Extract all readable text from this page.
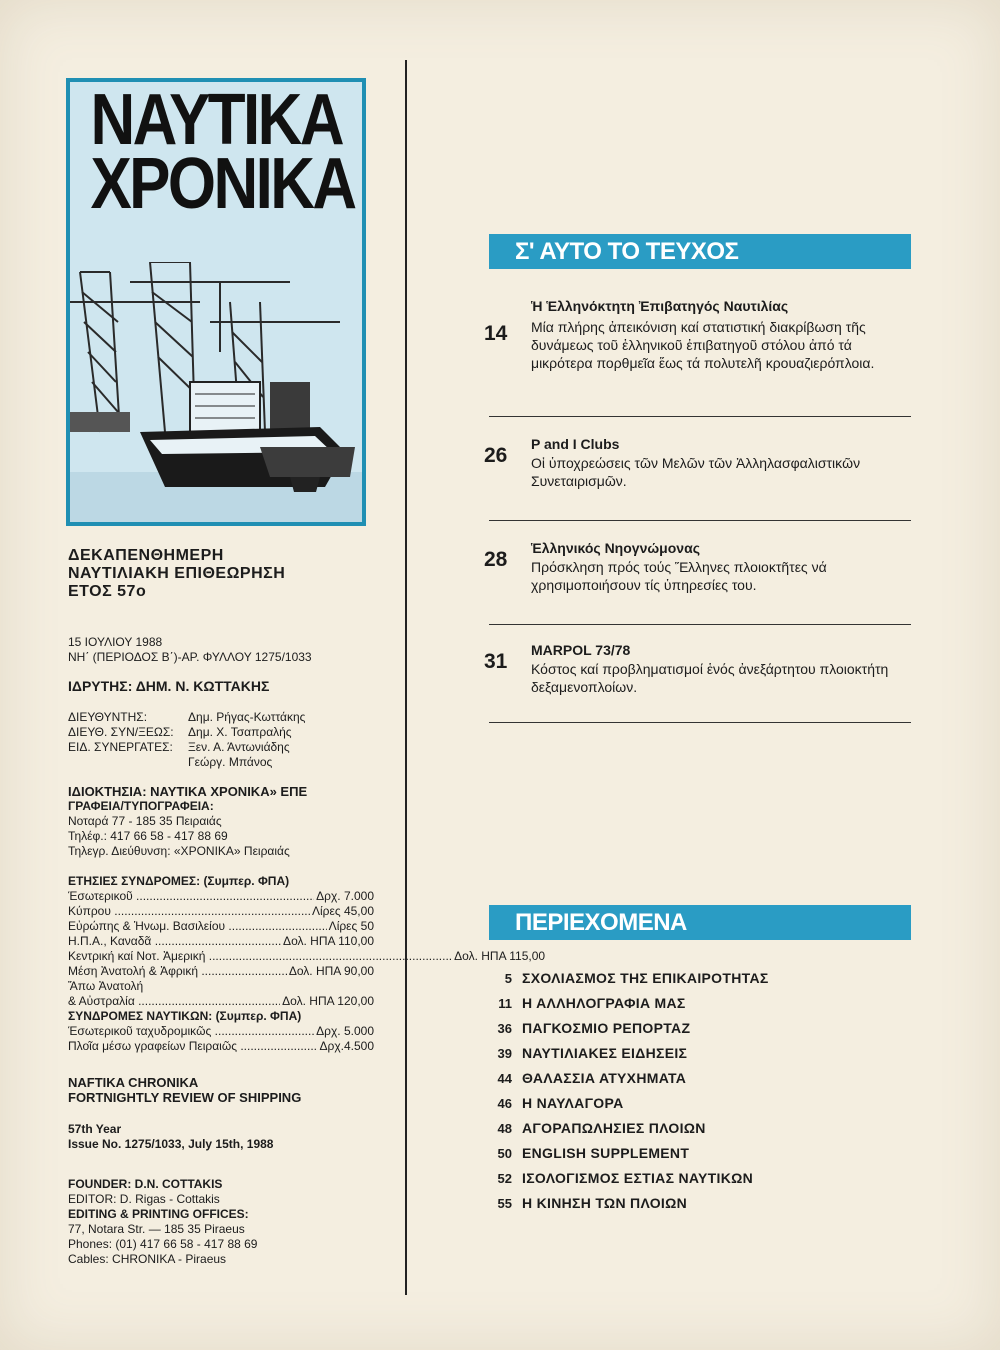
ΝΑΥΤΙΚΑ
ΧΡΟΝΙΚΑ
ΔΕΚΑΠΕΝΘΗΜΕΡΗ
ΝΑΥΤΙΛΙΑΚΗ ΕΠΙΘΕΩΡΗΣΗ
ΕΤΟΣ 57ο
15 ΙΟΥΛΙΟΥ 1988
ΝΗ΄ (ΠΕΡΙΟΔΟΣ Β΄)-ΑΡ. ΦΥΛΛΟΥ 1275/1033
ΙΔΡΥΤΗΣ: ΔΗΜ. Ν. ΚΩΤΤΑΚΗΣ
ΔΙΕΥΘΥΝΤΗΣ:	Δημ. Ρήγας-Κωττάκης
ΔΙΕΥΘ. ΣΥΝ/ΞΕΩΣ:	Δημ. Χ. Τσαπραλής
ΕΙΔ. ΣΥΝΕΡΓΑΤΕΣ:	Ξεν. Α. Άντωνιάδης
Γεώργ. Μπάνος
ΙΔΙΟΚΤΗΣΙΑ: ΝΑΥΤΙΚΑ ΧΡΟΝΙΚΑ» ΕΠΕ
ΓΡΑΦΕΙΑ/ΤΥΠΟΓΡΑΦΕΙΑ:
Νοταρά 77 - 185 35 Πειραιάς
Τηλέφ.: 417 66 58 - 417 88 69
Τηλεγρ. Διεύθυνση: «ΧΡΟΝΙΚΑ» Πειραιάς
ΕΤΗΣΙΕΣ ΣΥΝΔΡΟΜΕΣ: (Συμπερ. ΦΠΑ)
Έσωτερικοῦ .....	Δρχ. 7.000
Κύπρου .....	Λίρες 45,00
Εὐρώπης & Ἡνωμ. Βασιλείου .....	Λίρες 50
Η.Π.Α., Καναδᾶ .....	Δολ. ΗΠΑ 110,00
Κεντρική καί Νοτ. Ἀμερική .....	Δολ. ΗΠΑ 115,00
Μέση Ἀνατολή & Ἀφρική .....	Δολ. ΗΠΑ 90,00
Ἄπω Ἀνατολή
& Αὐστραλία .....	Δολ. ΗΠΑ 120,00
ΣΥΝΔΡΟΜΕΣ ΝΑΥΤΙΚΩΝ: (Συμπερ. ΦΠΑ)
Έσωτερικοῦ ταχυδρομικῶς .....	Δρχ. 5.000
Πλοῖα μέσω γραφείων Πειραιῶς .....	Δρχ.4.500
NAFTIKA CHRONIKA
FORTNIGHTLY REVIEW OF SHIPPING
57th Year
Issue No. 1275/1033, July 15th, 1988
FOUNDER: D.N. COTTAKIS
EDITOR: D. Rigas - Cottakis
EDITING & PRINTING OFFICES:
77, Notara Str. — 185 35 Piraeus
Phones: (01) 417 66 58 - 417 88 69
Cables: CHRONIKA - Piraeus
Σ' ΑΥΤΟ ΤΟ ΤΕΥΧΟΣ
14
Ἡ Ἑλληνόκτητη Ἐπιβατηγός Ναυτιλίας
Μία πλήρης ἀπεικόνιση καί στατιστική διακρίβωση τῆς δυνάμεως τοῦ ἑλληνικοῦ ἐπιβατηγοῦ στόλου ἀπό τά μικρότερα πορθμεῖα ἕως τά πολυτελῆ κρουαζιερόπλοια.
26 P and I Clubs
Οἱ ὑποχρεώσεις τῶν Μελῶν τῶν Ἀλληλασφαλιστικῶν Συνεταιρισμῶν.
28 Ἑλληνικός Νηογνώμονας
Πρόσκληση πρός τούς Ἕλληνες πλοιοκτῆτες νά χρησιμοποιήσουν τίς ὑπηρεσίες του.
31 MARPOL 73/78
Κόστος καί προβληματισμοί ἑνός ἀνεξάρτητου πλοιοκτήτη δεξαμενοπλοίων.
ΠΕΡΙΕΧΟΜΕΝΑ
5 ΣΧΟΛΙΑΣΜΟΣ ΤΗΣ ΕΠΙΚΑΙΡΟΤΗΤΑΣ
11 Η ΑΛΛΗΛΟΓΡΑΦΙΑ ΜΑΣ
36 ΠΑΓΚΟΣΜΙΟ ΡΕΠΟΡΤΑΖ
39 ΝΑΥΤΙΛΙΑΚΕΣ ΕΙΔΗΣΕΙΣ
44 ΘΑΛΑΣΣΙΑ ΑΤΥΧΗΜΑΤΑ
46 Η ΝΑΥΛΑΓΟΡΑ
48 ΑΓΟΡΑΠΩΛΗΣΙΕΣ ΠΛΟΙΩΝ
50 ENGLISH SUPPLEMENT
52 ΙΣΟΛΟΓΙΣΜΟΣ ΕΣΤΙΑΣ ΝΑΥΤΙΚΩΝ
55 Η ΚΙΝΗΣΗ ΤΩΝ ΠΛΟΙΩΝ
